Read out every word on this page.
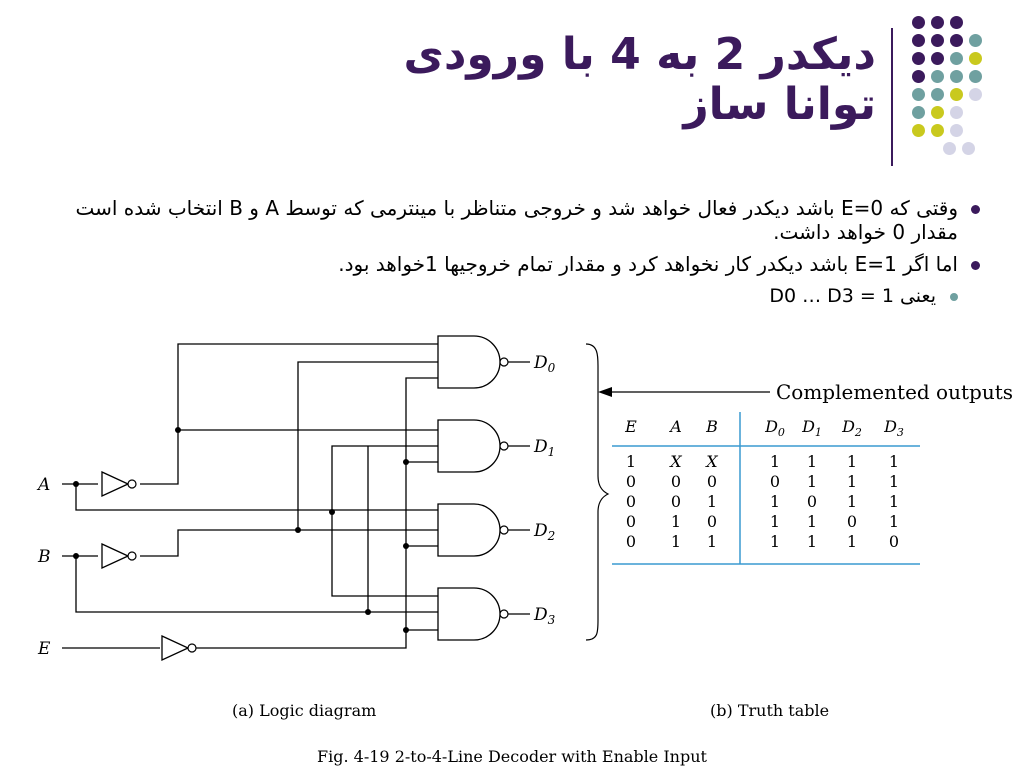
دیکدر 2 به 4 با ورودی توانا ساز
وقتی که E=0 باشد دیکدر فعال خواهد شد و خروجی متناظر با مینترمی که توسط A و B انتخاب شده است مقدار 0 خواهد داشت.
اما اگر E=1 باشد دیکدر کار نخواهد کرد و مقدار تمام خروجیها 1خواهد بود.
یعنی D0 … D3 = 1
$D_0$
$D_1$
$D_2$
$D_3$
A
B
E
Complemented outputs
E A B	$D_0$ $D_1$ $D_2$ $D_3$
1 X X	1 1 1 1
0 0 0	0 1 1 1
0 0 1	1 0 1 1
0 1 0	1 1 0 1
0 1 1	1 1 1 0
(a) Logic diagram	(b) Truth table
Fig. 4-19 2-to-4-Line Decoder with Enable Input
